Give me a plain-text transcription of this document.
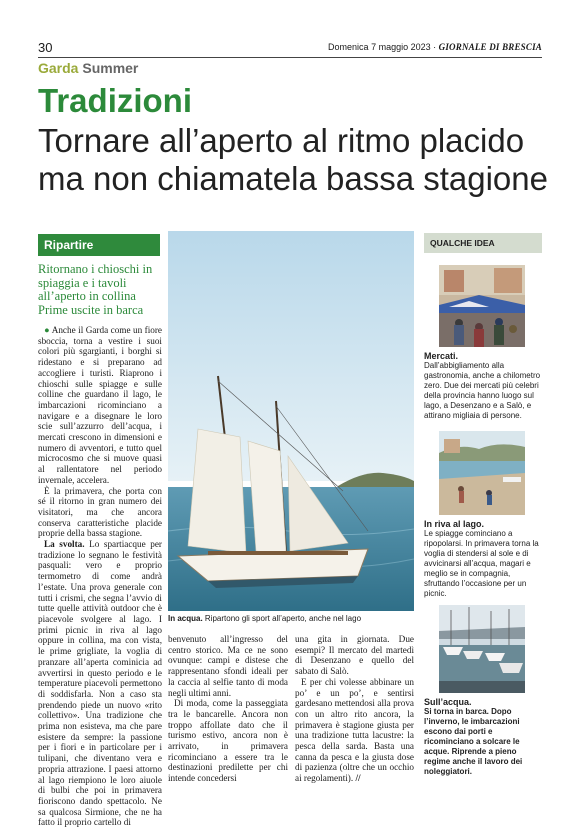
30	Domenica 7 maggio 2023 · GIORNALE DI BRESCIA
Garda Summer
Tradizioni
Tornare all’aperto al ritmo placido
ma non chiamatela bassa stagione
Ripartire
Ritornano i chioschi in spiaggia e i tavoli all’aperto in collina Prime uscite in barca

● Anche il Garda come un fiore sboccia, torna a vestire i suoi colori più sgargianti, i borghi si ridestano e si preparano ad accogliere i turisti. Riaprono i chioschi sulle spiagge e sulle colline che guardano il lago, le imbarcazioni ricominciano a navigare e a disegnare le loro scie sull’azzurro dell’acqua, i mercati crescono in dimensioni e numero di avventori, e tutto quel microcosmo che si muove quasi al rallentatore nel periodo invernale, accelera.

È la primavera, che porta con sé il ritorno in gran numero dei visitatori, ma che ancora conserva caratteristiche placide proprie della bassa stagione.

La svolta. Lo spartiacque per tradizione lo segnano le festività pasquali: vero e proprio termometro di come andrà l’estate. Una prova generale con tutti i crismi, che segna l’avvio di tutte quelle attività outdoor che è piacevole svolgere al lago. I primi picnic in riva al lago oppure in collina, ma con vista, le prime grigliate, la voglia di pranzare all’aperta cominicia ad avvertirsi in questo periodo e le temperature piacevoli permettono di soddisfarla. Non a caso sta prendendo piede un nuovo «rito collettivo». Una tradizione che prima non esisteva, ma che pare esistere da sempre: la passione per i fiori e in particolare per i tulipani, che diventano vera e propria attrazione. I paesi attorno al lago riempiono le loro aiuole di bulbi che poi in primavera fioriscono dando spettacolo. Ne sa qualcosa Sirmione, che ne ha fatto il proprio cartello di

In acqua. Ripartono gli sport all’aperto, anche nel lago

benvenuto all’ingresso del centro storico. Ma ce ne sono ovunque: campi e distese che rappresentano sfondi ideali per la caccia al selfie tanto di moda negli ultimi anni.

Di moda, come la passeggiata tra le bancarelle. Ancora non troppo affollate dato che il turismo estivo, ancora non è arrivato, in primavera ricominciano a essere tra le destinazioni predilette per chi intende concedersi

una gita in giornata. Due esempi? Il mercato del martedì di Desenzano e quello del sabato di Salò.

E per chi volesse abbinare un po’ e un po’, e sentirsi gardesano mettendosi alla prova con un altro rito ancora, la primavera è stagione giusta per una tradizione tutta lacustre: la pesca della sarda. Basta una canna da pesca e la giusta dose di pazienza (oltre che un occhio ai regolamenti). //

QUALCHE IDEA
Mercati.
Dall’abbigliamento alla gastronomia, anche a chilometro zero. Due dei mercati più celebri della provincia hanno luogo sul lago, a Desenzano e a Salò, e attirano migliaia di persone.
In riva al lago.
Le spiagge cominciano a ripopolarsi. In primavera torna la voglia di stendersi al sole e di avvicinarsi all’acqua, magari e meglio se in compagnia, sfruttando l’occasione per un picnic.
Sull’acqua.
Si torna in barca. Dopo l’inverno, le imbarcazioni escono dai porti e ricominciano a solcare le acque. Riprende a pieno regime anche il lavoro dei noleggiatori.
